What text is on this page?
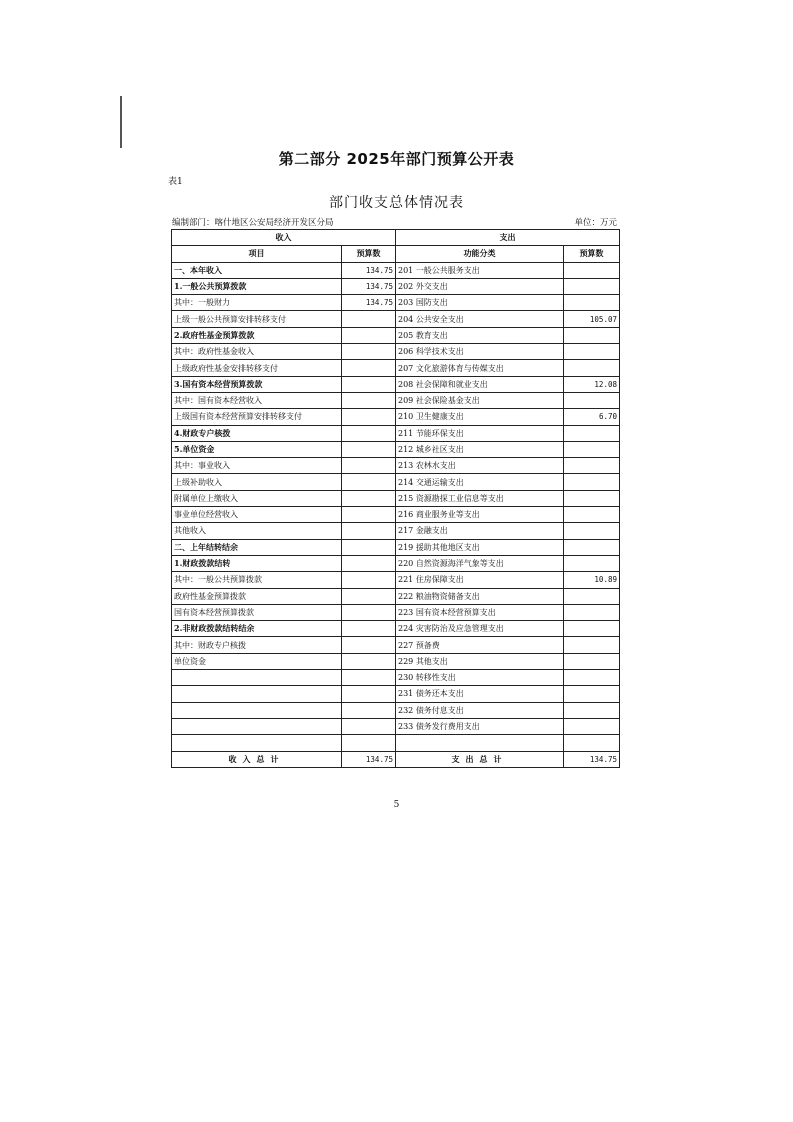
第二部分 2025年部门预算公开表
表1
部门收支总体情况表
编制部门：喀什地区公安局经济开发区分局	单位：万元
收入		支出	
项目	预算数	功能分类	预算数
一、本年收入	134.75	201 一般公共服务支出	
1.一般公共预算拨款	134.75	202 外交支出	
其中：一般财力	134.75	203 国防支出	
上级一般公共预算安排转移支付		204 公共安全支出	105.07
2.政府性基金预算拨款		205 教育支出	
其中：政府性基金收入		206 科学技术支出	
上级政府性基金安排转移支付		207 文化旅游体育与传媒支出	
3.国有资本经营预算拨款		208 社会保障和就业支出	12.08
其中：国有资本经营收入		209 社会保险基金支出	
上级国有资本经营预算安排转移支付		210 卫生健康支出	6.70
4.财政专户核拨		211 节能环保支出	
5.单位资金		212 城乡社区支出	
其中：事业收入		213 农林水支出	
上级补助收入		214 交通运输支出	
附属单位上缴收入		215 资源勘探工业信息等支出	
事业单位经营收入		216 商业服务业等支出	
其他收入		217 金融支出	
二、上年结转结余		219 援助其他地区支出	
1.财政拨款结转		220 自然资源海洋气象等支出	
其中：一般公共预算拨款		221 住房保障支出	10.89
政府性基金预算拨款		222 粮油物资储备支出	
国有资本经营预算拨款		223 国有资本经营预算支出	
2.非财政拨款结转结余		224 灾害防治及应急管理支出	
其中：财政专户核拨		227 预备费	
单位资金		229 其他支出	
		230 转移性支出	
		231 债务还本支出	
		232 债务付息支出	
		233 债务发行费用支出	

收入总计	134.75	支出总计	134.75
5
